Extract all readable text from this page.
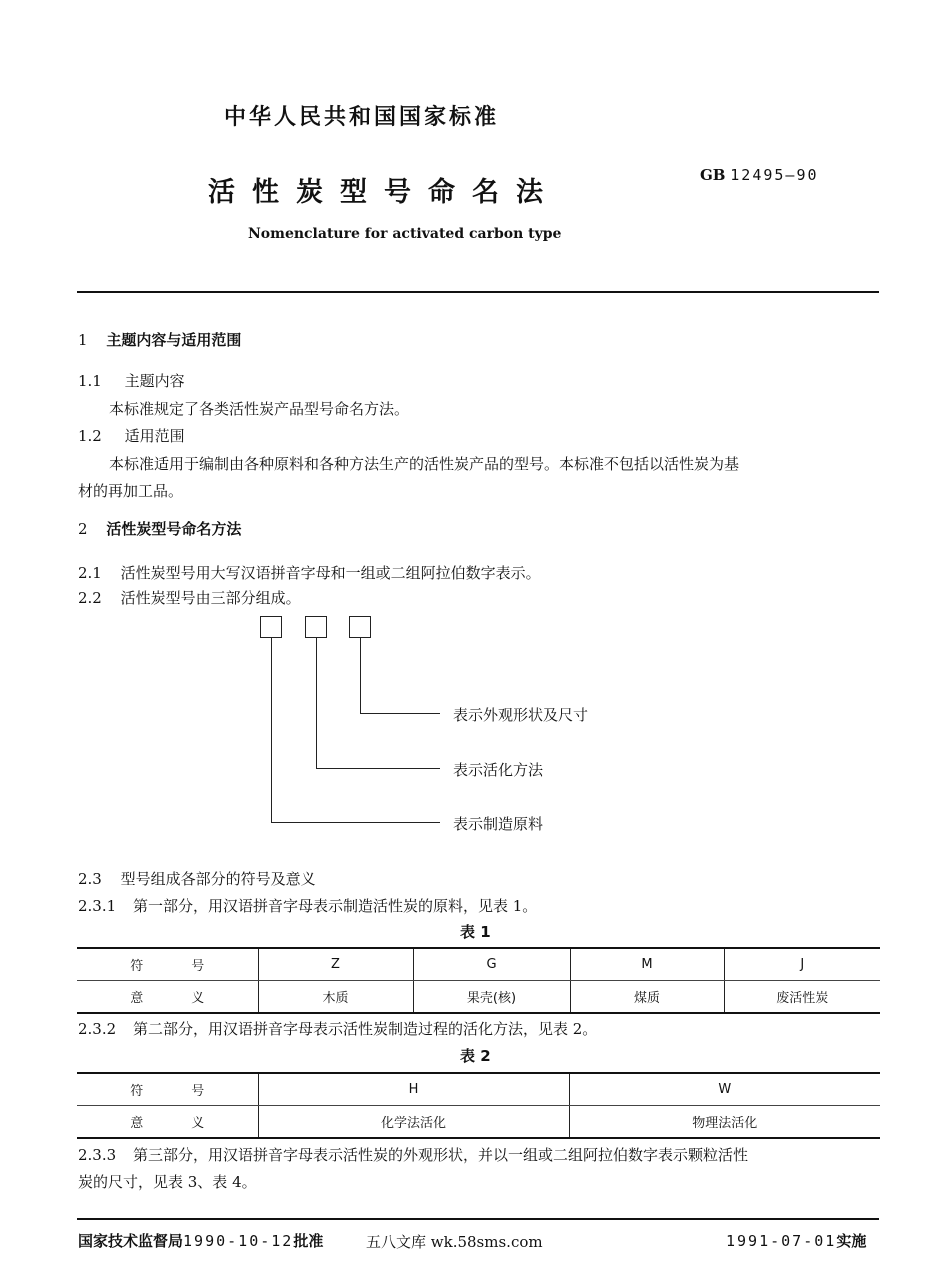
中华人民共和国国家标准
活性炭型号命名法
GB 12495—90
Nomenclature for activated carbon type
1 主题内容与适用范围
1.1 主题内容
本标准规定了各类活性炭产品型号命名方法。
1.2 适用范围
本标准适用于编制由各种原料和各种方法生产的活性炭产品的型号。本标准不包括以活性炭为基
材的再加工品。
2 活性炭型号命名方法
2.1 活性炭型号用大写汉语拼音字母和一组或二组阿拉伯数字表示。
2.2 活性炭型号由三部分组成。
表示外观形状及尺寸
表示活化方法
表示制造原料
2.3 型号组成各部分的符号及意义
2.3.1 第一部分，用汉语拼音字母表示制造活性炭的原料，见表 1。
表 1
符号	Z	G	M	J
意义	木质	果壳(核)	煤质	废活性炭
2.3.2 第二部分，用汉语拼音字母表示活性炭制造过程的活化方法，见表 2。
表 2
符号	H	W
意义	化学法活化	物理法活化
2.3.3 第三部分，用汉语拼音字母表示活性炭的外观形状，并以一组或二组阿拉伯数字表示颗粒活性
炭的尺寸，见表 3、表 4。
国家技术监督局1990-10-12批准	五八文库 wk.58sms.com	1991-07-01实施
